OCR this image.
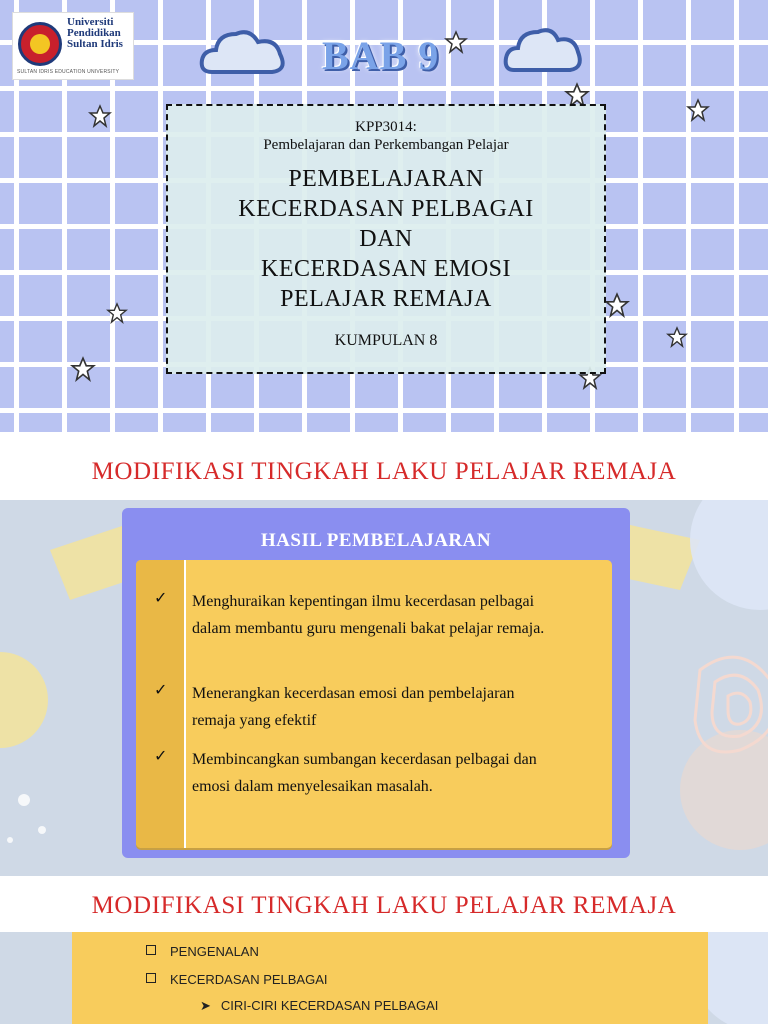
Universiti
Pendidikan
Sultan Idris
SULTAN IDRIS EDUCATION UNIVERSITY	BAB 9
KPP3014:
Pembelajaran dan Perkembangan Pelajar
PEMBELAJARAN
KECERDASAN PELBAGAI
DAN
KECERDASAN EMOSI
PELAJAR REMAJA
KUMPULAN 8
MODIFIKASI TINGKAH LAKU PELAJAR REMAJA
HASIL PEMBELAJARAN
✓ Menghuraikan kepentingan ilmu kecerdasan pelbagai dalam membantu guru mengenali bakat pelajar remaja.
✓ Menerangkan kecerdasan emosi dan pembelajaran remaja yang efektif
✓ Membincangkan sumbangan kecerdasan pelbagai dan emosi dalam menyelesaikan masalah.
MODIFIKASI TINGKAH LAKU PELAJAR REMAJA
PENGENALAN
KECERDASAN PELBAGAI
➤ CIRI-CIRI KECERDASAN PELBAGAI
